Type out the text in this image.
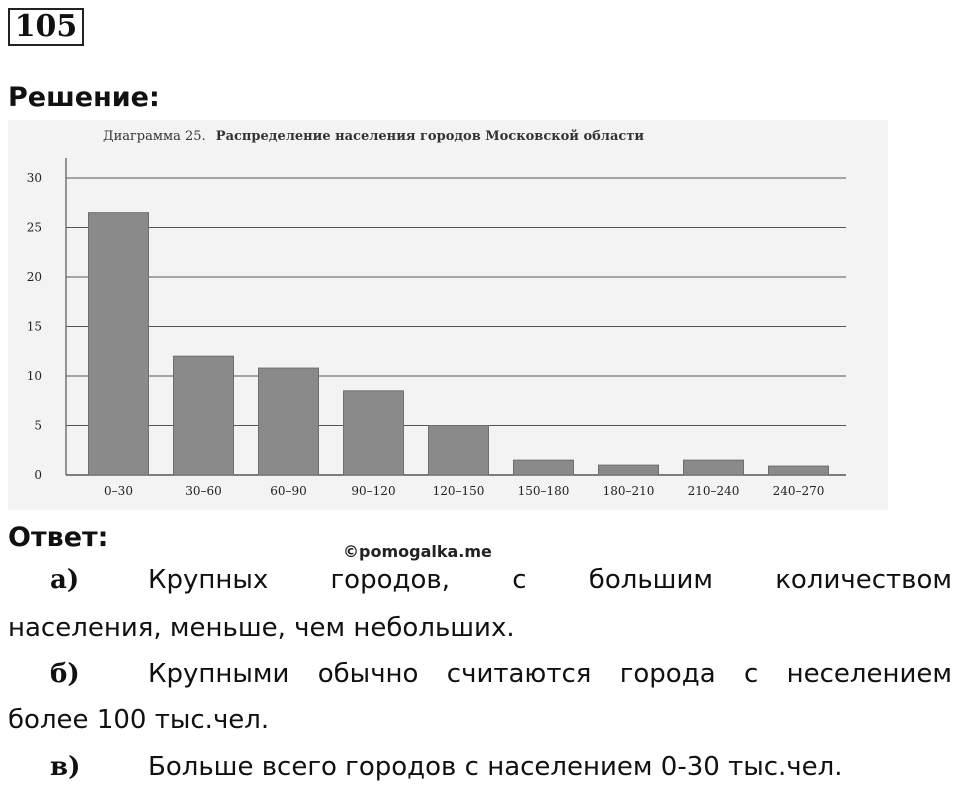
105
Решение:
Диаграмма 25. Распределение населения городов Московской области
0
5
10
15
20
25
30
0–30	30–60	60–90	90–120	120–150	150–180	180–210	210–240	240–270
Ответ:	©pomogalka.me
а)	Крупных городов, с большим количеством
населения, меньше, чем небольших.
б)	Крупными обычно считаются города с неселением
более 100 тыс.чел.
в)	Больше всего городов с населением 0-30 тыс.чел.
